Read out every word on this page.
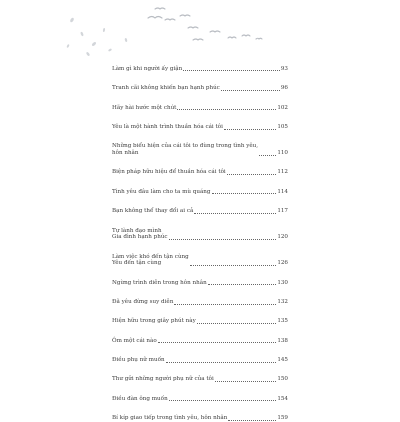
Làm gì khi người ấy giận	93
Tranh cãi không khiến bạn hạnh phúc	96
Hãy hài hước một chút	102
Yêu là một hành trình thuần hóa cái tôi	105
Những biểu hiện của cái tôi to đùng trong tình yêu,
hôn nhân	110
Biện pháp hữu hiệu để thuần hóa cái tôi	112
Tình yêu đâu làm cho ta mù quáng	114
Bạn không thể thay đổi ai cả	117
Tự lành đạo mình
Gia đình hạnh phúc	120
Làm việc khó đến tận cùng
Yêu đến tận cùng	126
Ngừng trình diễn trong hôn nhân	130
Đã yêu đừng suy diễn	132
Hiện hữu trong giây phút này	135
Ôm một cái nào	138
Điều phụ nữ muốn	145
Thư gửi những người phụ nữ của tôi	150
Điều đàn ông muốn	154
Bí kíp giao tiếp trong tình yêu, hôn nhân	159
